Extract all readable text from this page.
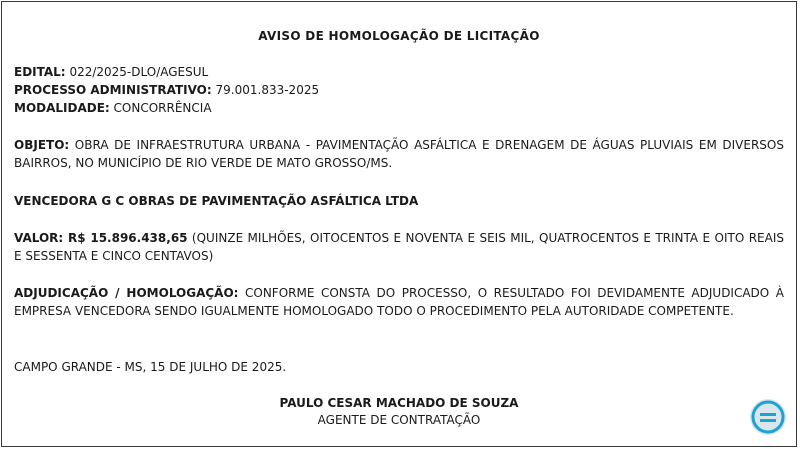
AVISO DE HOMOLOGAÇÃO DE LICITAÇÃO
EDITAL: 022/2025-DLO/AGESUL
PROCESSO ADMINISTRATIVO: 79.001.833-2025
MODALIDADE: CONCORRÊNCIA
OBJETO: OBRA DE INFRAESTRUTURA URBANA - PAVIMENTAÇÃO ASFÁLTICA E DRENAGEM DE ÁGUAS PLUVIAIS EM DIVERSOS BAIRROS, NO MUNICÍPIO DE RIO VERDE DE MATO GROSSO/MS.
VENCEDORA G C OBRAS DE PAVIMENTAÇÃO ASFÁLTICA LTDA
VALOR: R$ 15.896.438,65 (QUINZE MILHÕES, OITOCENTOS E NOVENTA E SEIS MIL, QUATROCENTOS E TRINTA E OITO REAIS E SESSENTA E CINCO CENTAVOS)
ADJUDICAÇÃO / HOMOLOGAÇÃO: CONFORME CONSTA DO PROCESSO, O RESULTADO FOI DEVIDAMENTE ADJUDICADO À EMPRESA VENCEDORA SENDO IGUALMENTE HOMOLOGADO TODO O PROCEDIMENTO PELA AUTORIDADE COMPETENTE.
CAMPO GRANDE - MS, 15 DE JULHO DE 2025.
PAULO CESAR MACHADO DE SOUZA
AGENTE DE CONTRATAÇÃO
